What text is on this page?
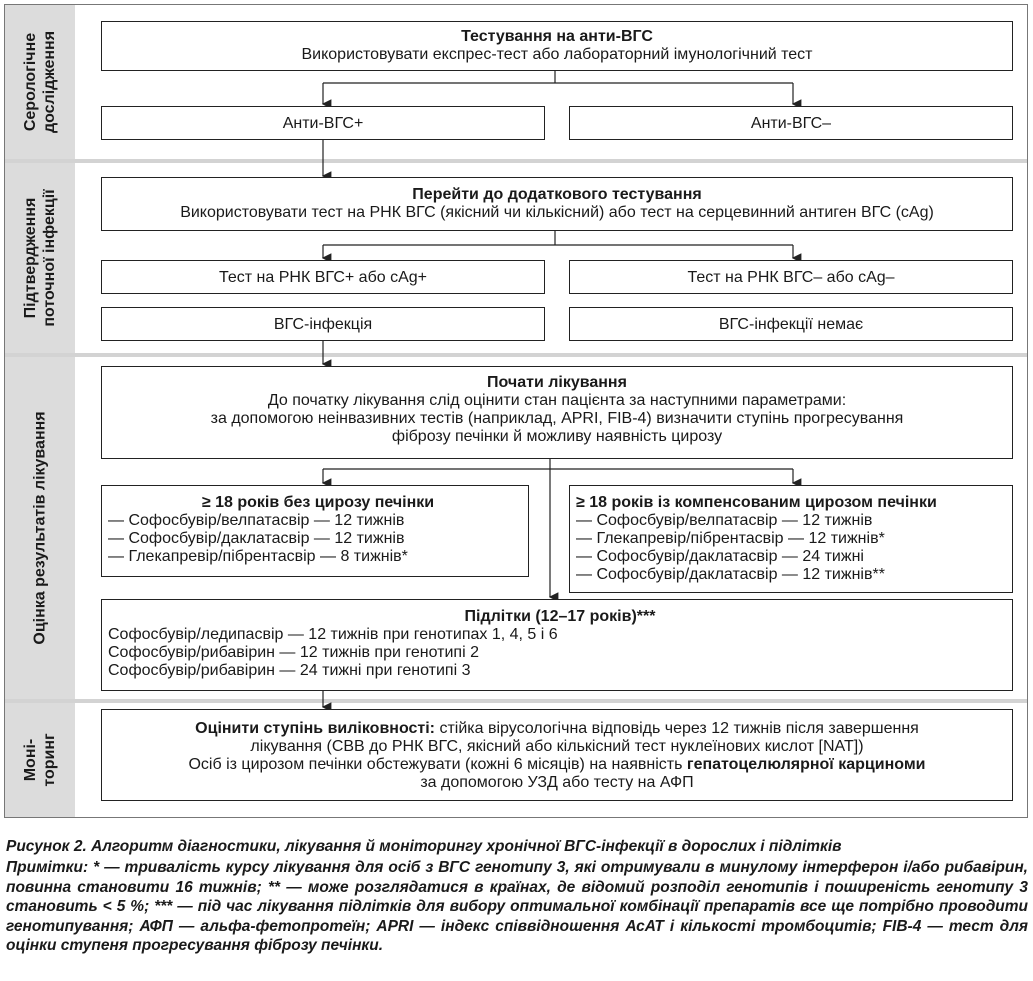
Серологічне дослідження
Підтвердження поточної інфекції
Оцінка результатів лікування
Моні-торинг
Тестування на анти-ВГС
Використовувати експрес-тест або лабораторний імунологічний тест
Анти-ВГС+	Анти-ВГС–
Перейти до додаткового тестування
Використовувати тест на РНК ВГС (якісний чи кількісний) або тест на серцевинний антиген ВГС (cAg)
Тест на РНК ВГС+ або cAg+	Тест на РНК ВГС– або cAg–
ВГС-інфекція	ВГС-інфекції немає
Почати лікування
До початку лікування слід оцінити стан пацієнта за наступними параметрами:
за допомогою неінвазивних тестів (наприклад, APRI, FIB-4) визначити ступінь прогресування
фіброзу печінки й можливу наявність цирозу
≥ 18 років без цирозу печінки
— Софосбувір/велпатасвір — 12 тижнів
— Софосбувір/даклатасвір — 12 тижнів
— Глекапревір/пібрентасвір — 8 тижнів*
≥ 18 років із компенсованим цирозом печінки
— Софосбувір/велпатасвір — 12 тижнів
— Глекапревір/пібрентасвір — 12 тижнів*
— Софосбувір/даклатасвір — 24 тижні
— Софосбувір/даклатасвір — 12 тижнів**
Підлітки (12–17 років)***
Софосбувір/ледипасвір — 12 тижнів при генотипах 1, 4, 5 і 6
Софосбувір/рибавірин — 12 тижнів при генотипі 2
Софосбувір/рибавірин — 24 тижні при генотипі 3
Оцінити ступінь виліковності: стійка вірусологічна відповідь через 12 тижнів після завершення
лікування (СВВ до РНК ВГС, якісний або кількісний тест нуклеїнових кислот [NAT])
Осіб із цирозом печінки обстежувати (кожні 6 місяців) на наявність гепатоцелюлярної карциноми
за допомогою УЗД або тесту на АФП
Рисунок 2. Алгоритм діагностики, лікування й моніторингу хронічної ВГС-інфекції в дорослих і підлітків
Примітки: * — тривалість курсу лікування для осіб з ВГС генотипу 3, які отримували в минулому інтерферон і/або рибавірин, повинна становити 16 тижнів; ** — може розглядатися в країнах, де відомий розподіл генотипів і поширеність генотипу 3 становить < 5 %; *** — під час лікування підлітків для вибору оптимальної комбінації препаратів все ще потрібно проводити генотипування; АФП — альфа-фетопротеїн; APRI — індекс співвідношення АсАТ і кількості тромбоцитів; FIB-4 — тест для оцінки ступеня прогресування фіброзу печінки.
